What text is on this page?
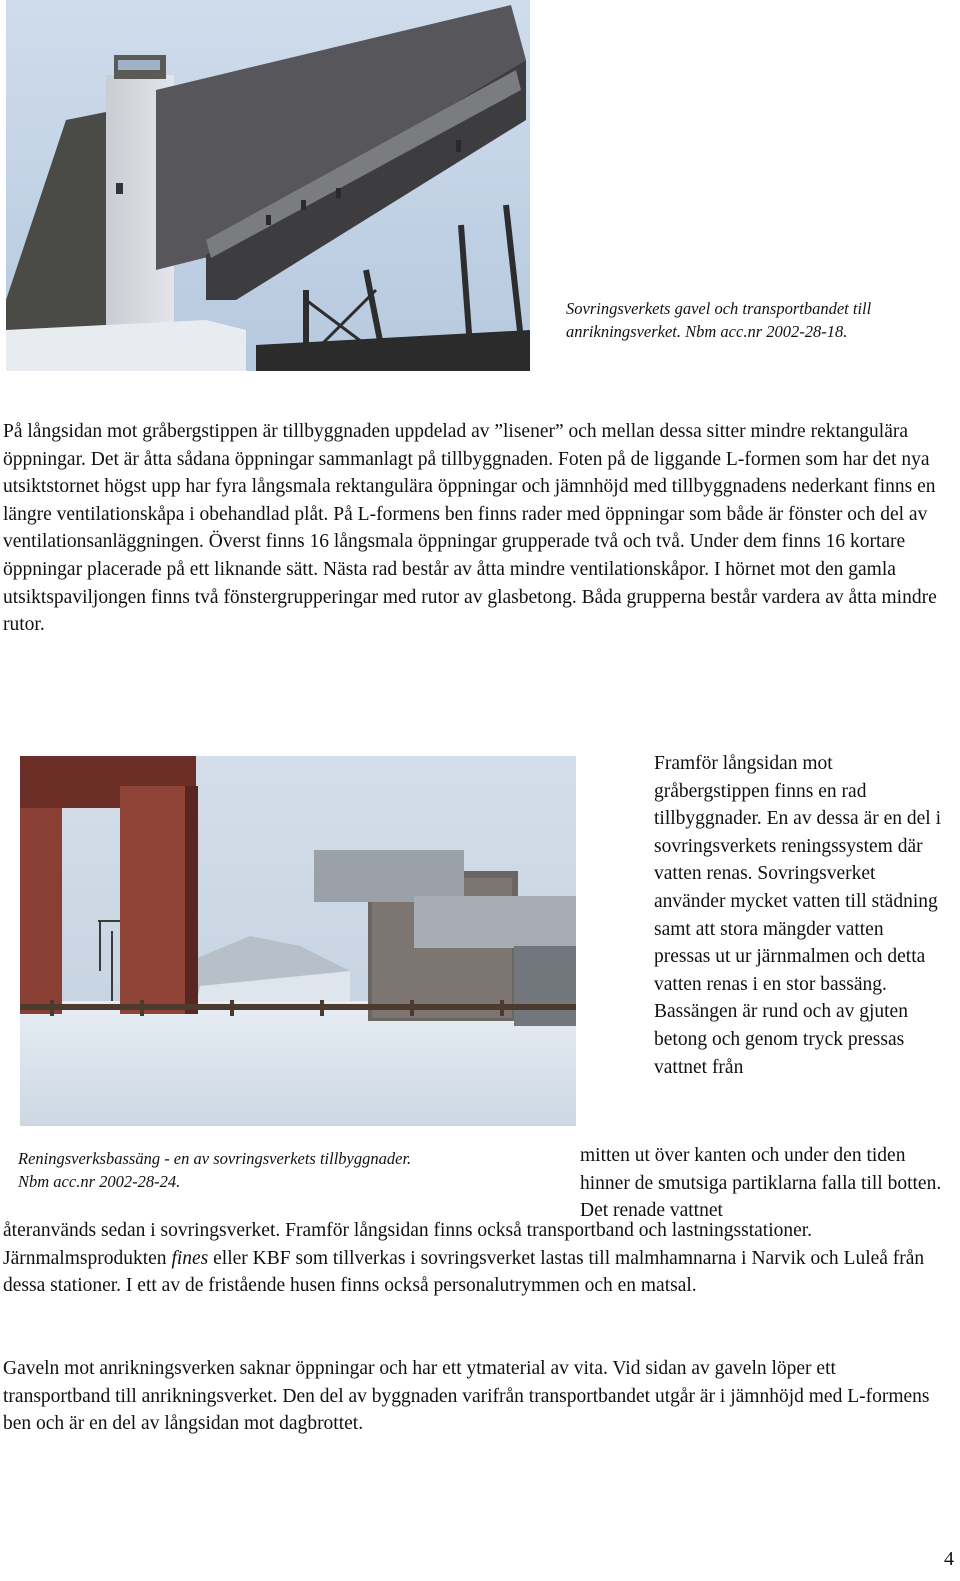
Sovringsverkets gavel och transportbandet till
anrikningsverket. Nbm acc.nr 2002-28-18.

På långsidan mot gråbergstippen är tillbyggnaden uppdelad av ”lisener” och mellan dessa sitter mindre rektangulära öppningar. Det är åtta sådana öppningar sammanlagt på tillbyggnaden. Foten på de liggande L-formen som har det nya utsiktstornet högst upp har fyra långsmala rektangulära öppningar och jämnhöjd med tillbyggnadens nederkant finns en längre ventilationskåpa i obehandlad plåt. På L-formens ben finns rader med öppningar som både är fönster och del av ventilationsanläggningen. Överst finns 16 långsmala öppningar grupperade två och två. Under dem finns 16 kortare öppningar placerade på ett liknande sätt. Nästa rad består av åtta mindre ventilationskåpor. I hörnet mot den gamla utsiktspaviljongen finns två fönstergrupperingar med rutor av glasbetong. Båda grupperna består vardera av åtta mindre rutor.

Reningsverksbassäng - en av sovringsverkets tillbyggnader.
Nbm acc.nr 2002-28-24.

Framför långsidan mot gråbergstippen finns en rad tillbyggnader. En av dessa är en del i sovringsverkets reningssystem där vatten renas. Sovringsverket använder mycket vatten till städning samt att stora mängder vatten pressas ut ur järnmalmen och detta vatten renas i en stor bassäng. Bassängen är rund och av gjuten betong och genom tryck pressas vattnet från

mitten ut över kanten och under den tiden hinner de smutsiga partiklarna falla till botten. Det renade vattnet

återanvänds sedan i sovringsverket. Framför långsidan finns också transportband och lastningsstationer. Järnmalmsprodukten fines eller KBF som tillverkas i sovringsverket lastas till malmhamnarna i Narvik och Luleå från dessa stationer. I ett av de fristående husen finns också personalutrymmen och en matsal.

Gaveln mot anrikningsverken saknar öppningar och har ett ytmaterial av vita. Vid sidan av gaveln löper ett transportband till anrikningsverket. Den del av byggnaden varifrån transportbandet utgår är i jämnhöjd med L-formens ben och är en del av långsidan mot dagbrottet.

4
